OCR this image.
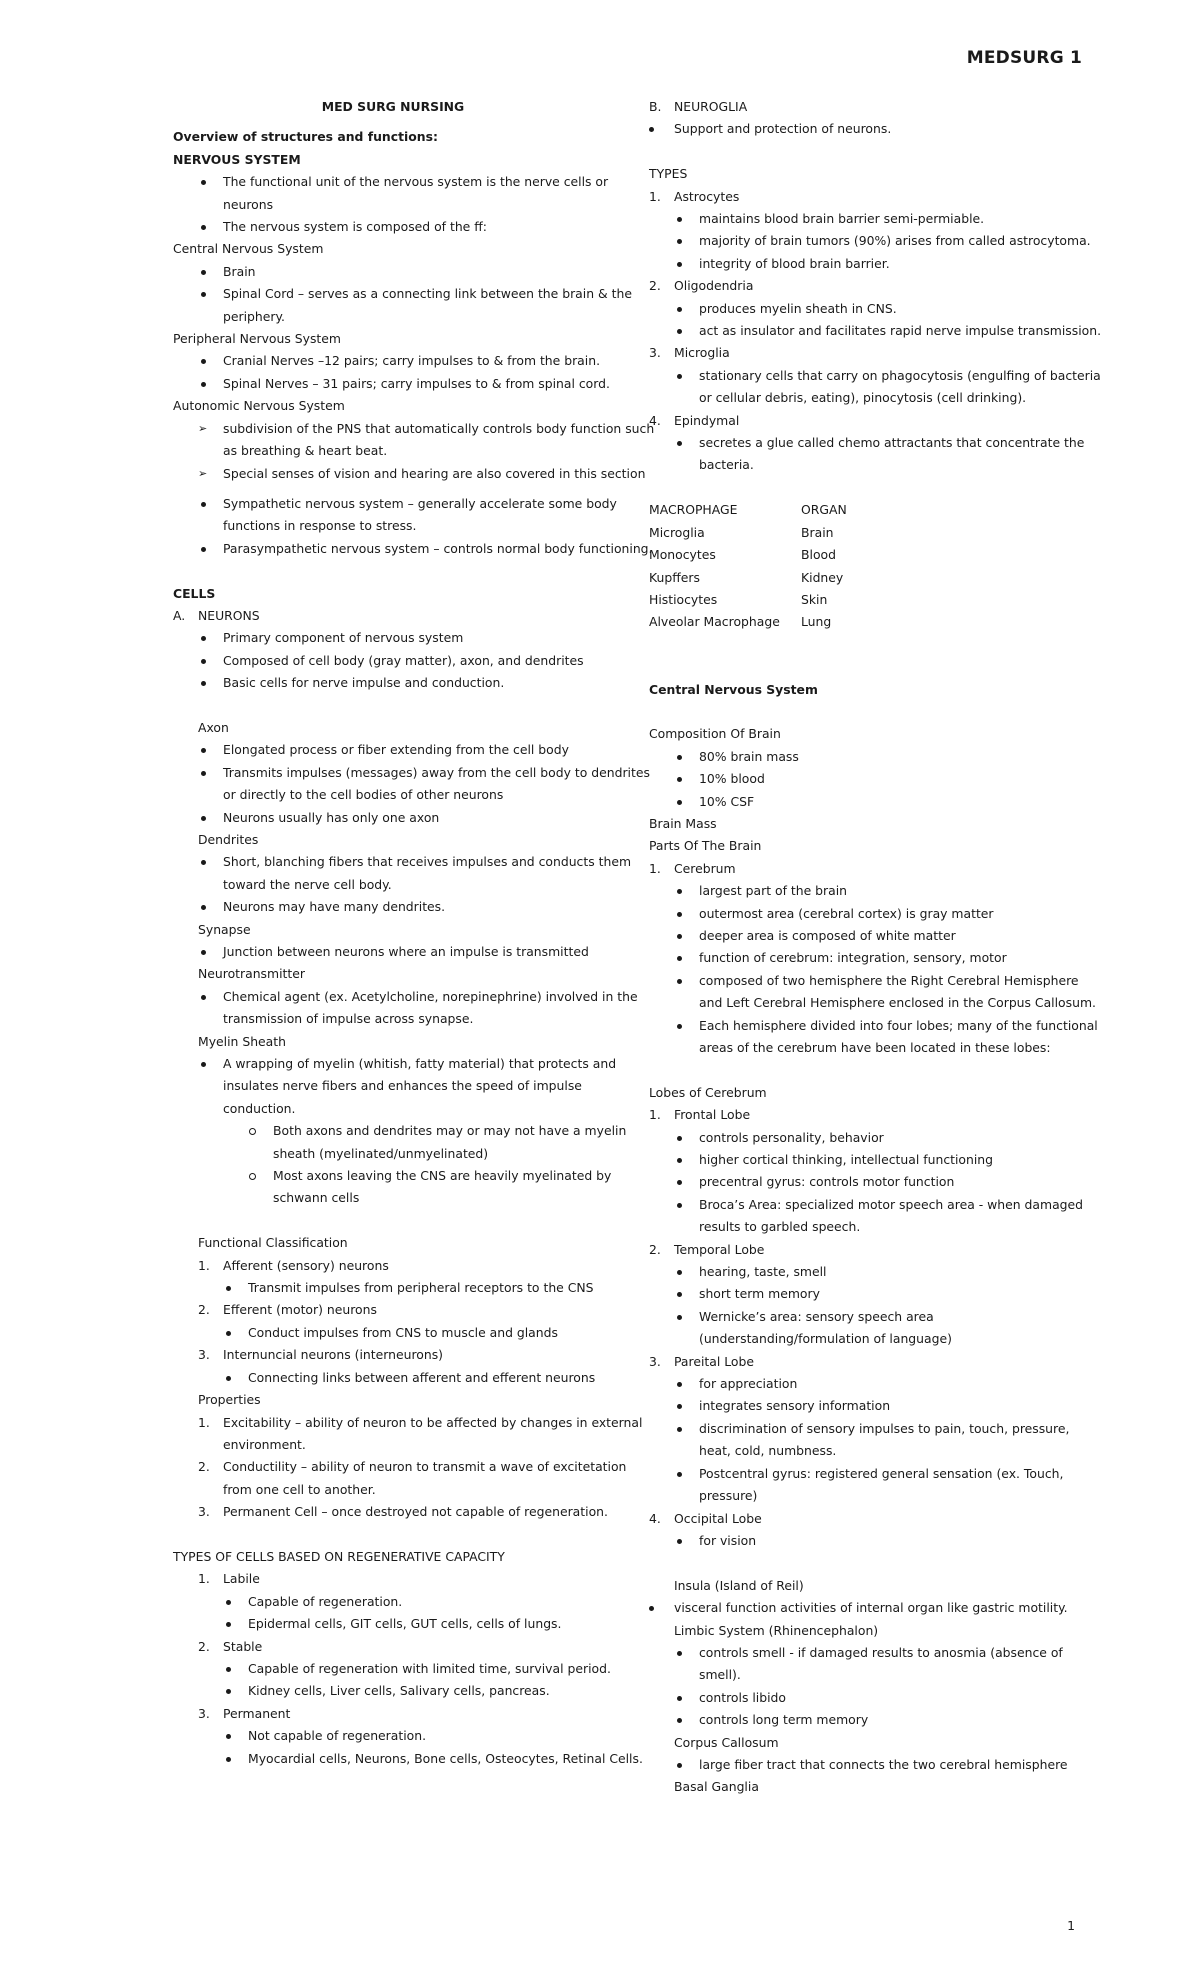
MEDSURG 1
MED SURG NURSING
Overview of structures and functions:
NERVOUS SYSTEM
The functional unit of the nervous system is the nerve cells or
neurons
The nervous system is composed of the ff:
Central Nervous System
Brain
Spinal Cord – serves as a connecting link between the brain & the
periphery.
Peripheral Nervous System
Cranial Nerves –12 pairs; carry impulses to & from the brain.
Spinal Nerves – 31 pairs; carry impulses to & from spinal cord.
Autonomic Nervous System
➢ subdivision of the PNS that automatically controls body function such
as breathing & heart beat.
➢ Special senses of vision and hearing are also covered in this section
Sympathetic nervous system – generally accelerate some body
functions in response to stress.
Parasympathetic nervous system – controls normal body functioning.
CELLS
A. NEURONS
Primary component of nervous system
Composed of cell body (gray matter), axon, and dendrites
Basic cells for nerve impulse and conduction.
Axon
Elongated process or fiber extending from the cell body
Transmits impulses (messages) away from the cell body to dendrites
or directly to the cell bodies of other neurons
Neurons usually has only one axon
Dendrites
Short, blanching fibers that receives impulses and conducts them
toward the nerve cell body.
Neurons may have many dendrites.
Synapse
Junction between neurons where an impulse is transmitted
Neurotransmitter
Chemical agent (ex. Acetylcholine, norepinephrine) involved in the
transmission of impulse across synapse.
Myelin Sheath
A wrapping of myelin (whitish, fatty material) that protects and
insulates nerve fibers and enhances the speed of impulse
conduction.
Both axons and dendrites may or may not have a myelin
sheath (myelinated/unmyelinated)
Most axons leaving the CNS are heavily myelinated by
schwann cells
Functional Classification
1. Afferent (sensory) neurons
Transmit impulses from peripheral receptors to the CNS
2. Efferent (motor) neurons
Conduct impulses from CNS to muscle and glands
3. Internuncial neurons (interneurons)
Connecting links between afferent and efferent neurons
Properties
1. Excitability – ability of neuron to be affected by changes in external
environment.
2. Conductility – ability of neuron to transmit a wave of excitetation
from one cell to another.
3. Permanent Cell – once destroyed not capable of regeneration.
TYPES OF CELLS BASED ON REGENERATIVE CAPACITY
1. Labile
Capable of regeneration.
Epidermal cells, GIT cells, GUT cells, cells of lungs.
2. Stable
Capable of regeneration with limited time, survival period.
Kidney cells, Liver cells, Salivary cells, pancreas.
3. Permanent
Not capable of regeneration.
Myocardial cells, Neurons, Bone cells, Osteocytes, Retinal Cells.
B. NEUROGLIA
Support and protection of neurons.
TYPES
1. Astrocytes
maintains blood brain barrier semi-permiable.
majority of brain tumors (90%) arises from called astrocytoma.
integrity of blood brain barrier.
2. Oligodendria
produces myelin sheath in CNS.
act as insulator and facilitates rapid nerve impulse transmission.
3. Microglia
stationary cells that carry on phagocytosis (engulfing of bacteria
or cellular debris, eating), pinocytosis (cell drinking).
4. Epindymal
secretes a glue called chemo attractants that concentrate the
bacteria.
MACROPHAGE	ORGAN
Microglia	Brain
Monocytes	Blood
Kupffers	Kidney
Histiocytes	Skin
Alveolar Macrophage	Lung
Central Nervous System
Composition Of Brain
80% brain mass
10% blood
10% CSF
Brain Mass
Parts Of The Brain
1. Cerebrum
largest part of the brain
outermost area (cerebral cortex) is gray matter
deeper area is composed of white matter
function of cerebrum: integration, sensory, motor
composed of two hemisphere the Right Cerebral Hemisphere
and Left Cerebral Hemisphere enclosed in the Corpus Callosum.
Each hemisphere divided into four lobes; many of the functional
areas of the cerebrum have been located in these lobes:
Lobes of Cerebrum
1. Frontal Lobe
controls personality, behavior
higher cortical thinking, intellectual functioning
precentral gyrus: controls motor function
Broca’s Area: specialized motor speech area - when damaged
results to garbled speech.
2. Temporal Lobe
hearing, taste, smell
short term memory
Wernicke’s area: sensory speech area
(understanding/formulation of language)
3. Pareital Lobe
for appreciation
integrates sensory information
discrimination of sensory impulses to pain, touch, pressure,
heat, cold, numbness.
Postcentral gyrus: registered general sensation (ex. Touch,
pressure)
4. Occipital Lobe
for vision
Insula (Island of Reil)
visceral function activities of internal organ like gastric motility.
Limbic System (Rhinencephalon)
controls smell - if damaged results to anosmia (absence of
smell).
controls libido
controls long term memory
Corpus Callosum
large fiber tract that connects the two cerebral hemisphere
Basal Ganglia
1
